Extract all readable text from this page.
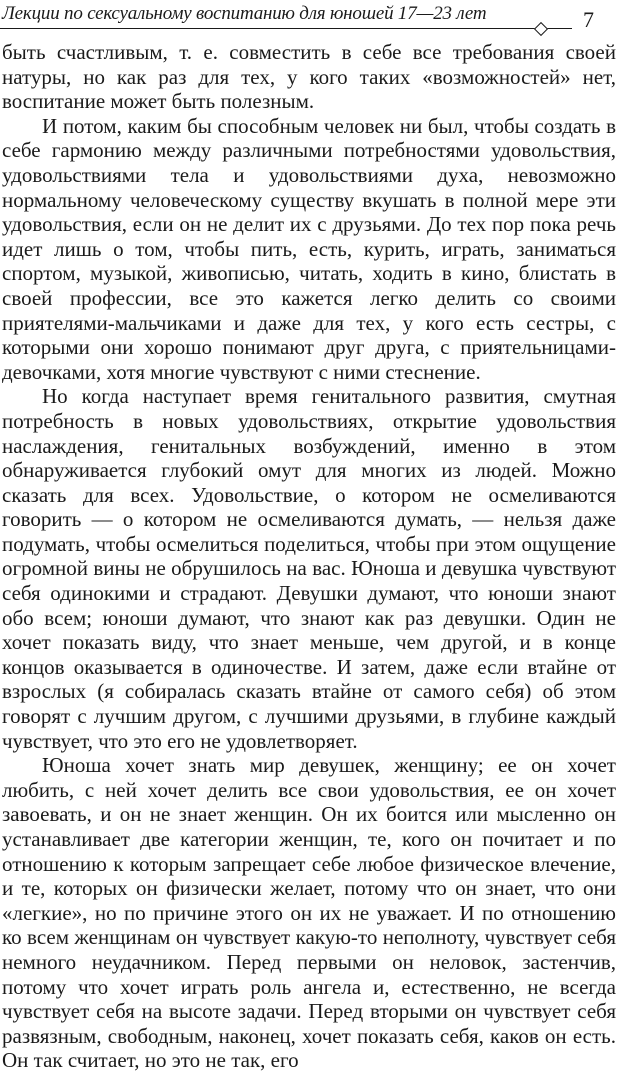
Лекции по сексуальному воспитанию для юношей 17—23 лет	7

быть счастливым, т. е. совместить в себе все требования своей натуры, но как раз для тех, у кого таких «возможностей» нет, воспитание может быть полезным.

И потом, каким бы способным человек ни был, чтобы создать в себе гармонию между различными потребностями удовольствия, удовольствиями тела и удовольствиями духа, невозможно нормальному человеческому существу вкушать в полной мере эти удовольствия, если он не делит их с друзьями. До тех пор пока речь идет лишь о том, чтобы пить, есть, курить, играть, заниматься спортом, музыкой, живописью, читать, ходить в кино, блистать в своей профессии, все это кажется легко делить со своими приятелями-мальчиками и даже для тех, у кого есть сестры, с которыми они хорошо понимают друг друга, с приятельницами-девочками, хотя многие чувствуют с ними стеснение.

Но когда наступает время генитального развития, смутная потребность в новых удовольствиях, открытие удовольствия наслаждения, генитальных возбуждений, именно в этом обнаруживается глубокий омут для многих из людей. Можно сказать для всех. Удовольствие, о котором не осмеливаются говорить — о котором не осмеливаются думать, — нельзя даже подумать, чтобы осмелиться поделиться, чтобы при этом ощущение огромной вины не обрушилось на вас. Юноша и девушка чувствуют себя одинокими и страдают. Девушки думают, что юноши знают обо всем; юноши думают, что знают как раз девушки. Один не хочет показать виду, что знает меньше, чем другой, и в конце концов оказывается в одиночестве. И затем, даже если втайне от взрослых (я собиралась сказать втайне от самого себя) об этом говорят с лучшим другом, с лучшими друзьями, в глубине каждый чувствует, что это его не удовлетворяет.

Юноша хочет знать мир девушек, женщину; ее он хочет любить, с ней хочет делить все свои удовольствия, ее он хочет завоевать, и он не знает женщин. Он их боится или мысленно он устанавливает две категории женщин, те, кого он почитает и по отношению к которым запрещает себе любое физическое влечение, и те, которых он физически желает, потому что он знает, что они «легкие», но по причине этого он их не уважает. И по отношению ко всем женщинам он чувствует какую-то неполноту, чувствует себя немного неудачником. Перед первыми он неловок, застенчив, потому что хочет играть роль ангела и, естественно, не всегда чувствует себя на высоте задачи. Перед вторыми он чувствует себя развязным, свободным, наконец, хочет показать себя, каков он есть. Он так считает, но это не так, его
